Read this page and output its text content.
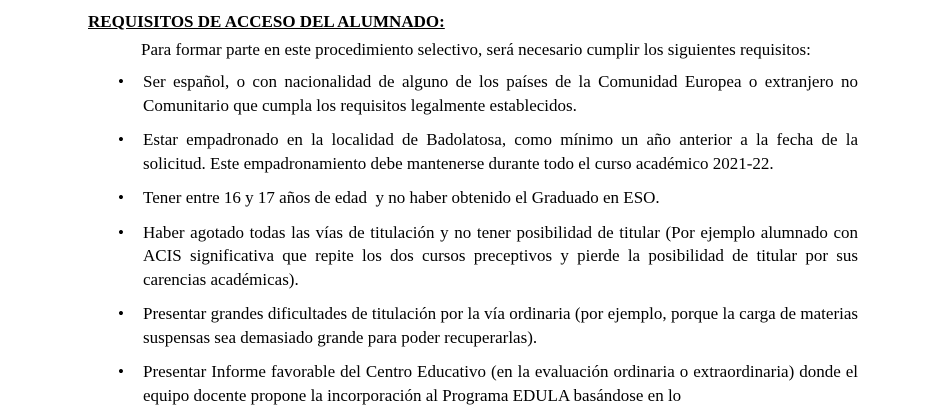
REQUISITOS DE ACCESO DEL ALUMNADO:

Para formar parte en este procedimiento selectivo, será necesario cumplir los siguientes requisitos:

• Ser español, o con nacionalidad de alguno de los países de la Comunidad Europea o extranjero no Comunitario que cumpla los requisitos legalmente establecidos.
• Estar empadronado en la localidad de Badolatosa, como mínimo un año anterior a la fecha de la solicitud. Este empadronamiento debe mantenerse durante todo el curso académico 2021-22.
• Tener entre 16 y 17 años de edad  y no haber obtenido el Graduado en ESO.
• Haber agotado todas las vías de titulación y no tener posibilidad de titular (Por ejemplo alumnado con ACIS significativa que repite los dos cursos preceptivos y pierde la posibilidad de titular por sus carencias académicas).
• Presentar grandes dificultades de titulación por la vía ordinaria (por ejemplo, porque la carga de materias suspensas sea demasiado grande para poder recuperarlas).
• Presentar Informe favorable del Centro Educativo (en la evaluación ordinaria o extraordinaria) donde el equipo docente propone la incorporación al Programa EDULA basándose en lo
